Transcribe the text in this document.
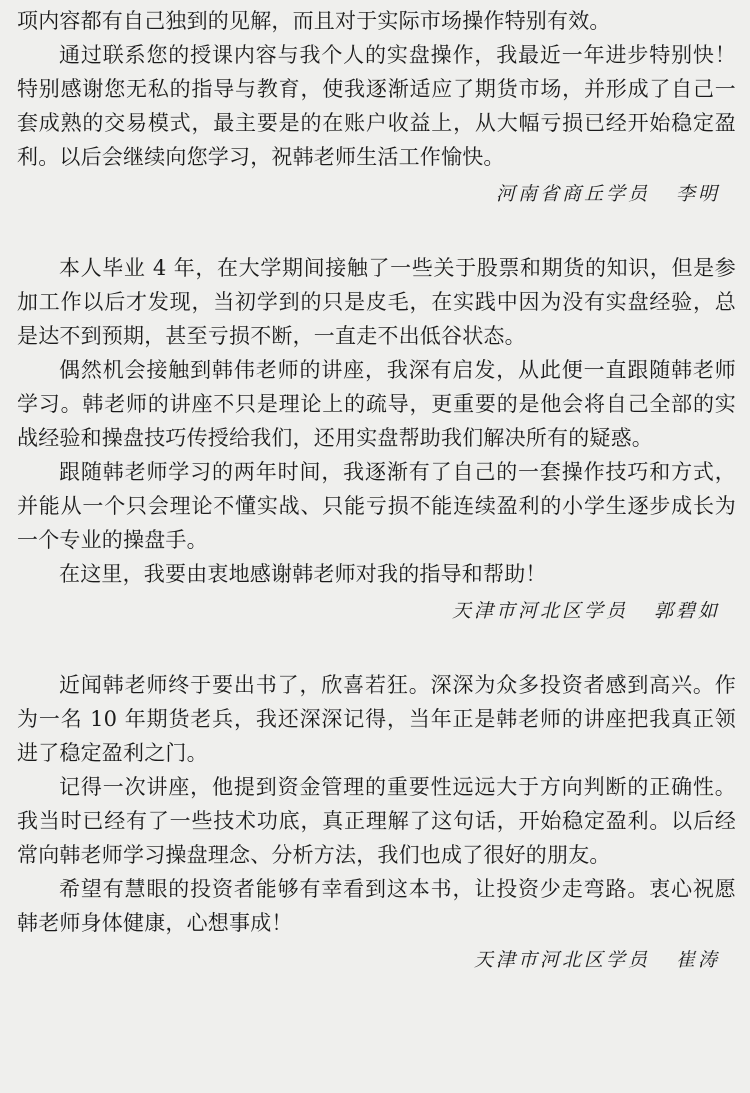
项内容都有自己独到的见解，而且对于实际市场操作特别有效。

通过联系您的授课内容与我个人的实盘操作，我最近一年进步特别快！特别感谢您无私的指导与教育，使我逐渐适应了期货市场，并形成了自己一套成熟的交易模式，最主要是的在账户收益上，从大幅亏损已经开始稳定盈利。以后会继续向您学习，祝韩老师生活工作愉快。

河南省商丘学员 李明

本人毕业 4 年，在大学期间接触了一些关于股票和期货的知识，但是参加工作以后才发现，当初学到的只是皮毛，在实践中因为没有实盘经验，总是达不到预期，甚至亏损不断，一直走不出低谷状态。

偶然机会接触到韩伟老师的讲座，我深有启发，从此便一直跟随韩老师学习。韩老师的讲座不只是理论上的疏导，更重要的是他会将自己全部的实战经验和操盘技巧传授给我们，还用实盘帮助我们解决所有的疑惑。

跟随韩老师学习的两年时间，我逐渐有了自己的一套操作技巧和方式，并能从一个只会理论不懂实战、只能亏损不能连续盈利的小学生逐步成长为一个专业的操盘手。

在这里，我要由衷地感谢韩老师对我的指导和帮助！

天津市河北区学员 郭碧如

近闻韩老师终于要出书了，欣喜若狂。深深为众多投资者感到高兴。作为一名 10 年期货老兵，我还深深记得，当年正是韩老师的讲座把我真正领进了稳定盈利之门。

记得一次讲座，他提到资金管理的重要性远远大于方向判断的正确性。我当时已经有了一些技术功底，真正理解了这句话，开始稳定盈利。以后经常向韩老师学习操盘理念、分析方法，我们也成了很好的朋友。

希望有慧眼的投资者能够有幸看到这本书，让投资少走弯路。衷心祝愿韩老师身体健康，心想事成！

天津市河北区学员 崔涛
